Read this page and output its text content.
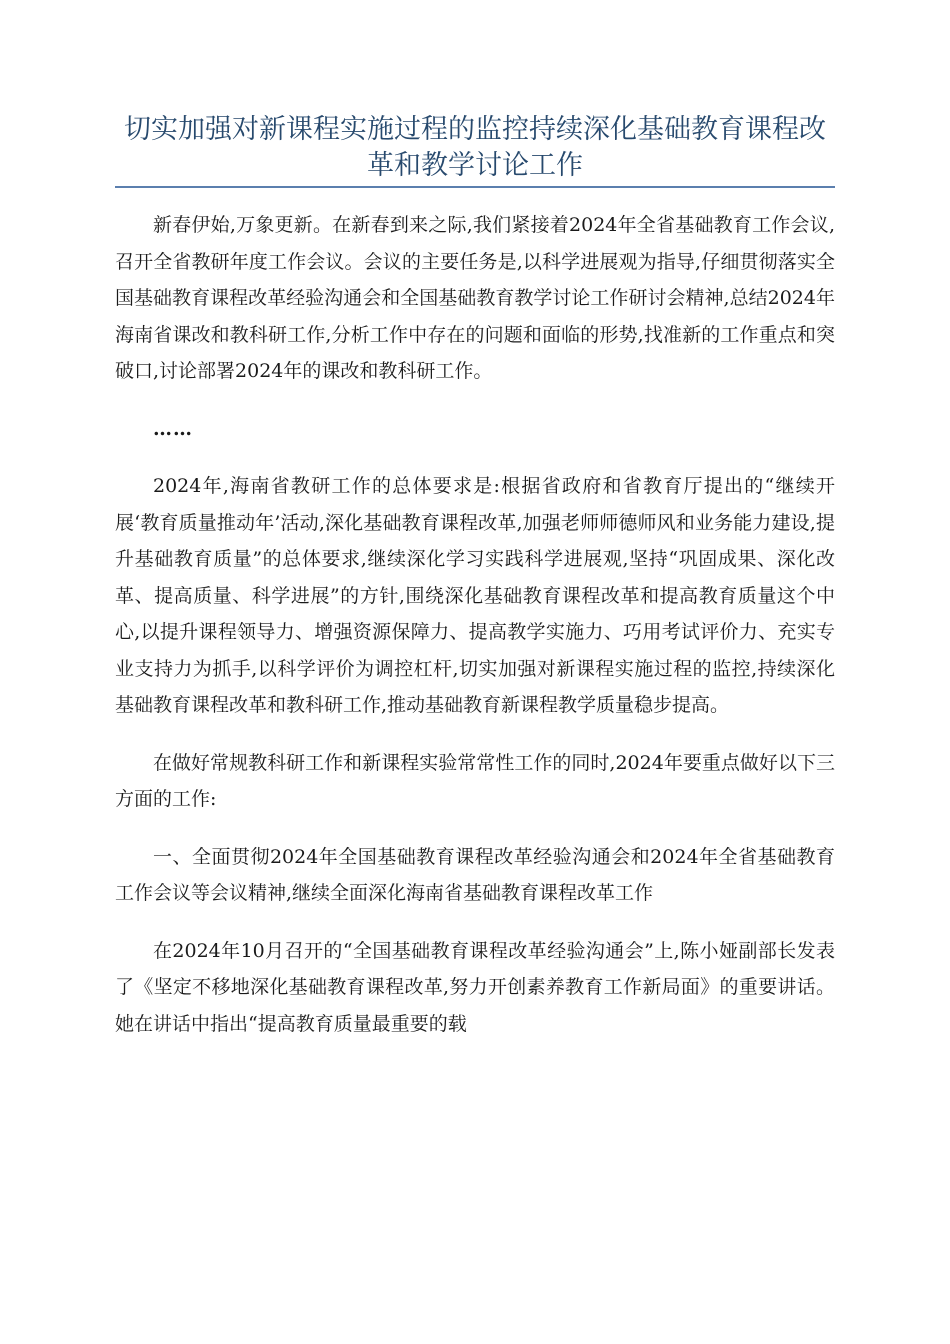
切实加强对新课程实施过程的监控持续深化基础教育课程改革和教学讨论工作

新春伊始,万象更新。在新春到来之际,我们紧接着2024年全省基础教育工作会议,召开全省教研年度工作会议。会议的主要任务是,以科学进展观为指导,仔细贯彻落实全国基础教育课程改革经验沟通会和全国基础教育教学讨论工作研讨会精神,总结2024年海南省课改和教科研工作,分析工作中存在的问题和面临的形势,找准新的工作重点和突破口,讨论部署2024年的课改和教科研工作。

……

2024年,海南省教研工作的总体要求是:根据省政府和省教育厅提出的“继续开展‘教育质量推动年’活动,深化基础教育课程改革,加强老师师德师风和业务能力建设,提升基础教育质量”的总体要求,继续深化学习实践科学进展观,坚持“巩固成果、深化改革、提高质量、科学进展”的方针,围绕深化基础教育课程改革和提高教育质量这个中心,以提升课程领导力、增强资源保障力、提高教学实施力、巧用考试评价力、充实专业支持力为抓手,以科学评价为调控杠杆,切实加强对新课程实施过程的监控,持续深化基础教育课程改革和教科研工作,推动基础教育新课程教学质量稳步提高。

在做好常规教科研工作和新课程实验常常性工作的同时,2024年要重点做好以下三方面的工作:

一、全面贯彻2024年全国基础教育课程改革经验沟通会和2024年全省基础教育工作会议等会议精神,继续全面深化海南省基础教育课程改革工作

在2024年10月召开的“全国基础教育课程改革经验沟通会”上,陈小娅副部长发表了《坚定不移地深化基础教育课程改革,努力开创素养教育工作新局面》的重要讲话。她在讲话中指出“提高教育质量最重要的载
